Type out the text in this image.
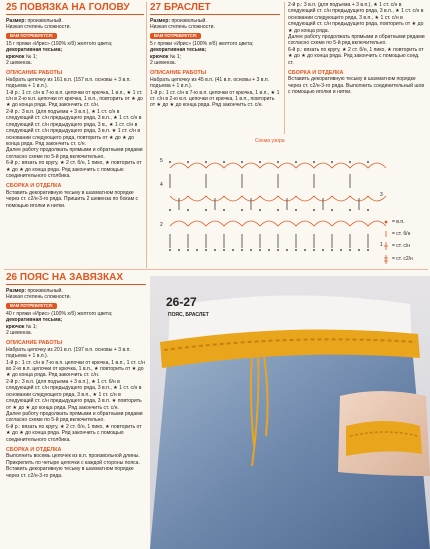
25 ПОВЯЗКА НА ГОЛОВУ

Размер: произвольный.

Низкая степень сложности.

ВАМ ПОТРЕБУЕТСЯ:

15 г пряжи «Ирис» (100% х/б) желтого цвета;

декоративная тесьма;

крючок № 1;

2 шевенза.

ОПИСАНИЕ РАБОТЫ

Набрать цепочку из 161 в.п. (157 в.п. основы + 3 в.п. подъема + 1 в.п.).

1-й р.: 1 ст. с/н в 7-ю в.п. цепочки от крючка, 1 в.п., ★ 1 ст. с/н в 2-ю в.п. цепочки от крючка, 1 в.п., повторить от ★ до ★ до конца ряда. Ряд закончить ст. с/н.

2-й р.: 3 в.п. (для подъема + 3 в.п.), ★ 1 ст. с/н в следующий ст. с/н предыдущего ряда, 3 в.п., ★ 1 ст. с/н в следующий ст. с/н предыдущего ряда, 3 в., ★ 1 ст. с/н в следующий ст. с/н предыдущего ряда, 3 в.п. ★ 1 ст. с/н в основании следующего ряда, повторить от ★ до ★ до конца ряда. Ряд закончить ст. с/н.

Далее работу продолжать прямыми и обратными рядами согласно схеме по 5-й ряд включительно.

6-й р.: вязать по кругу, ★ 2 ст. б/н, 1 пико, ★ повторить от ★ до ★ до конца ряда. Ряд закончить с помощью соединительного столбика.

СБОРКА И ОТДЕЛКА

Вставить декоративную тесьму в шахматном порядке через ст. с2/н-3-го ряда. Пришить 2 шевенза по бокам с помощью иголки и нитки.

27 БРАСЛЕТ

Размер: произвольный.

Низкая степень сложности.

ВАМ ПОТРЕБУЕТСЯ:

5 г пряжи «Ирис» (100% х/б) желтого цвета;

декоративная тесьма;

крючок № 1;

2 шевенза.

ОПИСАНИЕ РАБОТЫ

Набрать цепочку из 45 в.п. (41 в.п. основы + 3 в.п. подъема + 1 в.п.).

1-й р.: 1 ст. с/н в 7-ю в.п. цепочки от крючка, 1 в.п., ★ 1 ст. с/н в 2-ю в.п. цепочки от крючка, 1 в.п., повторить от ★ до ★ до конца ряда. Ряд закончить ст. с/н.

2-й р.: 3 в.п. (для подъема + 3 в.п.), ★ 1 ст. с/н в следующий ст. с/н предыдущего ряда, 3 в.п., ★ 1 ст. с/н в основании следующего ряда, 3 в.п., ★ 1 ст. с/н в следующий ст. с/н предыдущего ряда, повторить от ★ до ★ до конца ряда.

Далее работу продолжать прямыми и обратными рядами согласно схеме по 5-й ряд включительно.

6-й р.: вязать по кругу, ★ 2 ст. б/н, 1 пико, ★ повторить от ★ до ★ до конца ряда. Ряд закончить с помощью соед. ст.

СБОРКА И ОТДЕЛКА

Вставить декоративную тесьму в шахматном порядке через ст. с2/н-3-го ряда. Выполнить соединительный шов с помощью иголки и нитки.

Схема узора
5
4
3
2
1
= в.п.
= ст. б/н
= ст. с/н
= ст. с2/н
26 ПОЯС НА ЗАВЯЗКАХ

Размер: произвольный.

Низкая степень сложности.

ВАМ ПОТРЕБУЕТСЯ:

40 г пряжи «Ирис» (100% х/б) желтого цвета;

декоративная тесьма;

крючок № 1;

2 шевенза.

ОПИСАНИЕ РАБОТЫ

Набрать цепочку из 201 в.п. (197 в.п. основы + 3 в.п. подъема + 1 в.п.).

1-й р.: 1 ст. с/н в 7-ю в.п. цепочки от крючка, 1 в.п., 1 ст. с/н во 2-ю в.п. цепочки от крючка, 1 в.п., ★ повторить от ★ до ★ до конца ряда. Ряд закончить ст. с/н.

2-й р.: 3 в.п. (для подъема + 3 в.п.), ★ 1 ст. б/н в следующий ст. с/н предыдущего ряда, 3 в.п., ★ 1 ст. с/н в основании следующего ряда, 3 в.п., ★ 1 ст. с/н в следующий ст. с/н предыдущего ряда, 3 в.п. ★ повторить от ★ до ★ до конца ряда. Ряд закончить ст. с/н.

Далее работу продолжать прямыми и обратными рядами согласно схеме по 5-й ряд включительно.

6-й р.: вязать по кругу, ★ 2 ст. б/н, 1 пико, ★ повторить от ★ до ★ до конца ряда. Ряд закончить с помощью соединительного столбика.

СБОРКА И ОТДЕЛКА

Выполнить восемь цепочек из в.п. произвольной длины. Прикрепить по четыре цепочки с каждой стороны пояса. Вставить декоративную тесьму в шахматном порядке через ст. с2/н-3-го ряда.

26-27
ПОЯС, БРАСЛЕТ
